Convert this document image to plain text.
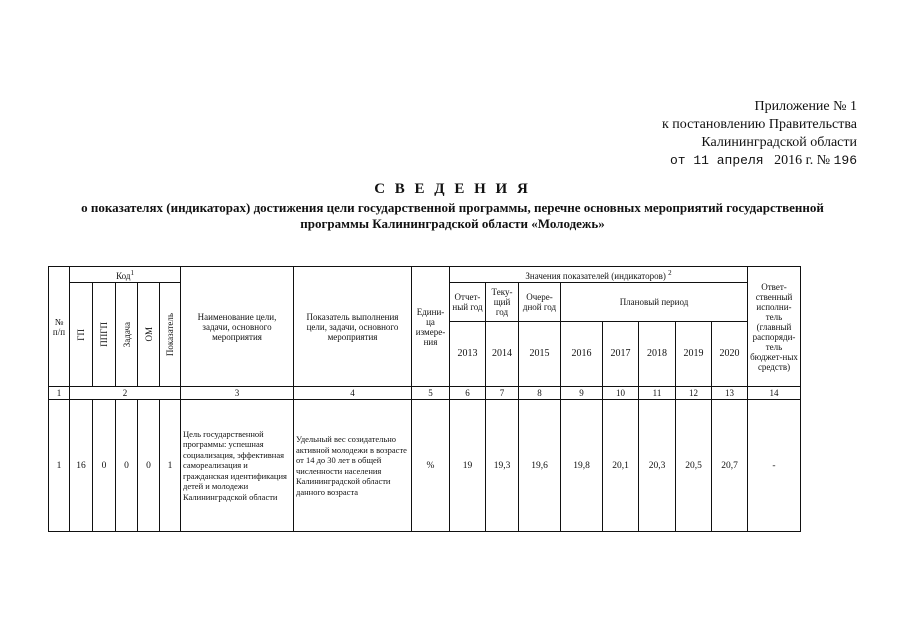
Приложение № 1
к постановлению Правительства
Калининградской области
от 11 апреля 2016 г. № 196
С В Е Д Е Н И Я
о показателях (индикаторах) достижения цели государственной программы, перечне основных мероприятий государственной программы Калининградской области «Молодежь»
№ п/п	Код$^1$					Наименование цели, задачи, основного мероприятия	Показатель выполнения цели, задачи, основного мероприятия	Едини-ца измере-ния	Значения показателей (индикаторов) $^2$								Ответ-ственный исполни-тель (главный распоряди-тель бюджет-ных средств)

	ГП	ППГП	Задача	ОМ	Показатель				Отчет-ный год	Теку-щий год	Очере-дной год	Плановый период					
									2013	2014	2015	2016	2017	2018	2019	2020	
1	2					3	4	5	6	7	8	9	10	11	12	13	14
1	16	0	0	0	1	Цель государственной программы: успешная социализация, эффективная самореализация и гражданская идентификация детей и молодежи Калининградской области	Удельный вес созидательно активной молодежи в возрасте от 14 до 30 лет в общей численности населения Калининградской области данного возраста	%	19	19,3	19,6	19,8	20,1	20,3	20,5	20,7	-
